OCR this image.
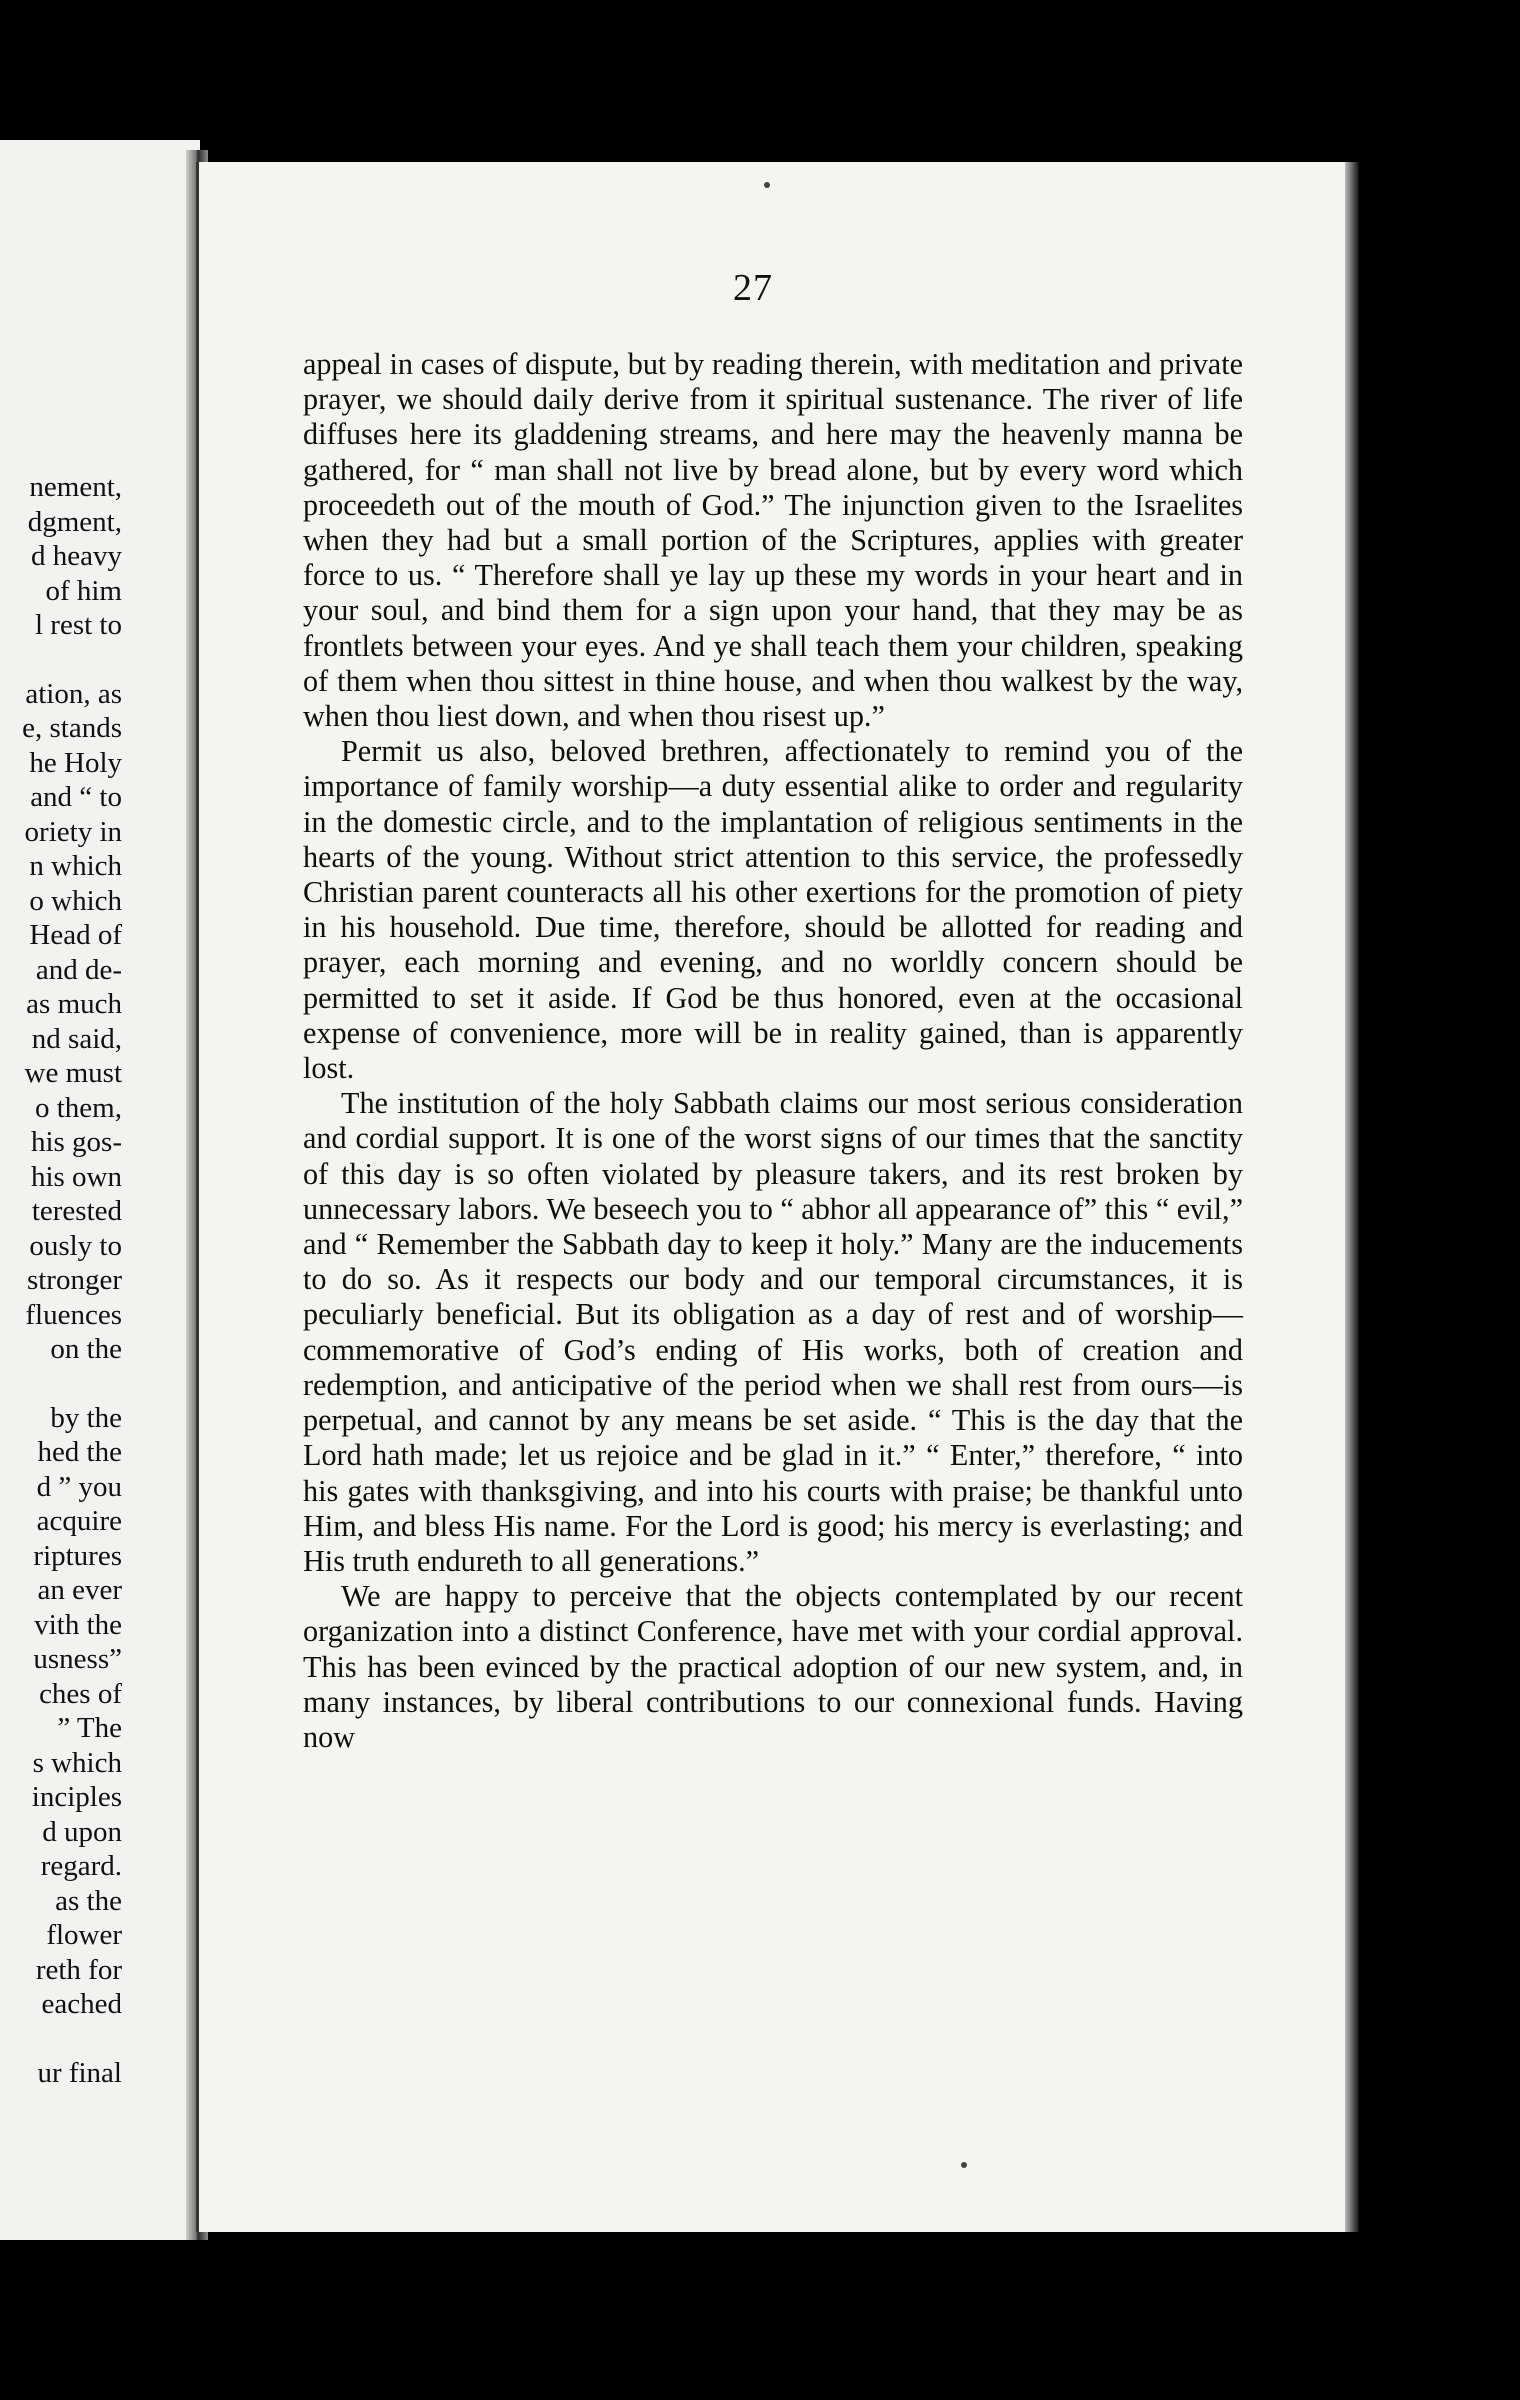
nement,
dgment,
d heavy
of him
l rest to
ation, as
e, stands
he Holy
and “ to
oriety in
n which
o which
Head of
and de-
as much
nd said,
we must
o them,
his gos-
his own
terested
ously to
stronger
fluences
on the
by the
hed the
d ” you
acquire
riptures
an ever
vith the
usness”
ches of
” The
s which
inciples
d upon
regard.
as the
flower
reth for
eached
ur final
27

appeal in cases of dispute, but by reading therein, with meditation and private prayer, we should daily derive from it spiritual sustenance. The river of life diffuses here its gladdening streams, and here may the heavenly manna be gathered, for “ man shall not live by bread alone, but by every word which proceedeth out of the mouth of God.” The injunction given to the Israelites when they had but a small portion of the Scriptures, applies with greater force to us. “ Therefore shall ye lay up these my words in your heart and in your soul, and bind them for a sign upon your hand, that they may be as frontlets between your eyes. And ye shall teach them your children, speaking of them when thou sittest in thine house, and when thou walkest by the way, when thou liest down, and when thou risest up.”

Permit us also, beloved brethren, affectionately to remind you of the importance of family worship—a duty essential alike to order and regularity in the domestic circle, and to the implantation of religious sentiments in the hearts of the young. Without strict attention to this service, the professedly Christian parent counteracts all his other exertions for the promotion of piety in his household. Due time, therefore, should be allotted for reading and prayer, each morning and evening, and no worldly concern should be permitted to set it aside. If God be thus honored, even at the occasional expense of convenience, more will be in reality gained, than is apparently lost.

The institution of the holy Sabbath claims our most serious consideration and cordial support. It is one of the worst signs of our times that the sanctity of this day is so often violated by pleasure takers, and its rest broken by unnecessary labors. We beseech you to “ abhor all appearance of” this “ evil,” and “ Remember the Sabbath day to keep it holy.” Many are the inducements to do so. As it respects our body and our temporal circumstances, it is peculiarly beneficial. But its obligation as a day of rest and of worship—commemorative of God’s ending of His works, both of creation and redemption, and anticipative of the period when we shall rest from ours—is perpetual, and cannot by any means be set aside. “ This is the day that the Lord hath made; let us rejoice and be glad in it.” “ Enter,” therefore, “ into his gates with thanksgiving, and into his courts with praise; be thankful unto Him, and bless His name. For the Lord is good; his mercy is everlasting; and His truth endureth to all generations.”

We are happy to perceive that the objects contemplated by our recent organization into a distinct Conference, have met with your cordial approval. This has been evinced by the practical adoption of our new system, and, in many instances, by liberal contributions to our connexional funds. Having now
